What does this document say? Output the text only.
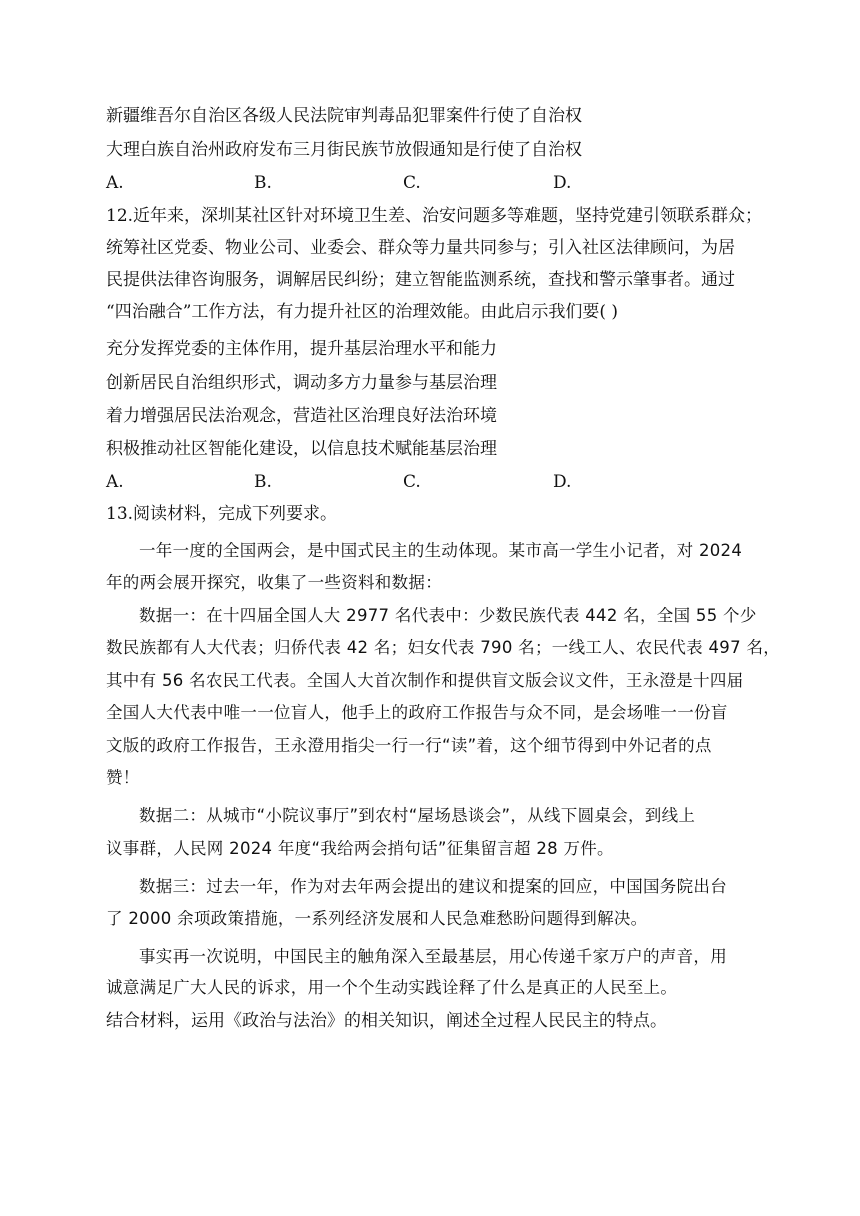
新疆维吾尔自治区各级人民法院审判毒品犯罪案件行使了自治权
大理白族自治州政府发布三月街民族节放假通知是行使了自治权
A.	B.	C.	D.
12.近年来，深圳某社区针对环境卫生差、治安问题多等难题，坚持党建引领联系群众；
统筹社区党委、物业公司、业委会、群众等力量共同参与；引入社区法律顾问，为居
民提供法律咨询服务，调解居民纠纷；建立智能监测系统，查找和警示肇事者。通过
“四治融合”工作方法，有力提升社区的治理效能。由此启示我们要( )
充分发挥党委的主体作用，提升基层治理水平和能力
创新居民自治组织形式，调动多方力量参与基层治理
着力增强居民法治观念，营造社区治理良好法治环境
积极推动社区智能化建设，以信息技术赋能基层治理
A.	B.	C.	D.
13.阅读材料，完成下列要求。
一年一度的全国两会，是中国式民主的生动体现。某市高一学生小记者，对 2024
年的两会展开探究，收集了一些资料和数据：
数据一：在十四届全国人大 2977 名代表中：少数民族代表 442 名，全国 55 个少
数民族都有人大代表；归侨代表 42 名；妇女代表 790 名；一线工人、农民代表 497 名，
其中有 56 名农民工代表。全国人大首次制作和提供盲文版会议文件，王永澄是十四届
全国人大代表中唯一一位盲人，他手上的政府工作报告与众不同，是会场唯一一份盲
文版的政府工作报告，王永澄用指尖一行一行“读”着，这个细节得到中外记者的点
赞！
数据二：从城市“小院议事厅”到农村“屋场恳谈会”，从线下圆桌会，到线上
议事群，人民网 2024 年度“我给两会捎句话”征集留言超 28 万件。
数据三：过去一年，作为对去年两会提出的建议和提案的回应，中国国务院出台
了 2000 余项政策措施，一系列经济发展和人民急难愁盼问题得到解决。
事实再一次说明，中国民主的触角深入至最基层，用心传递千家万户的声音，用
诚意满足广大人民的诉求，用一个个生动实践诠释了什么是真正的人民至上。
结合材料，运用《政治与法治》的相关知识，阐述全过程人民民主的特点。
